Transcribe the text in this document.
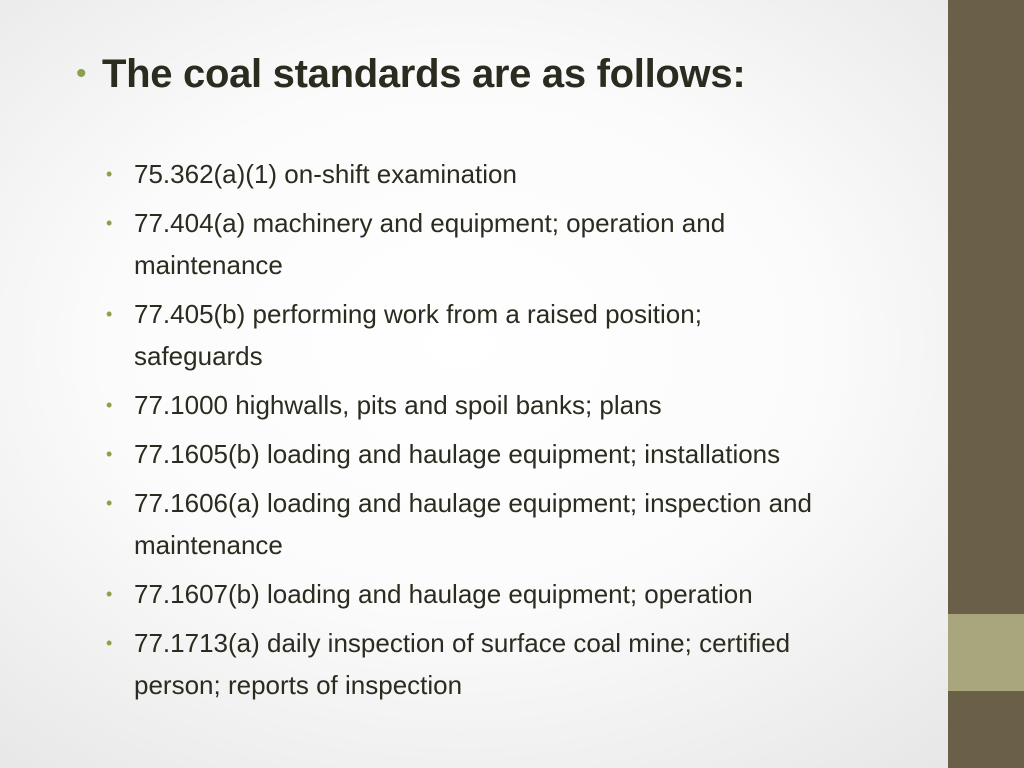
• The coal standards are as follows:
• 75.362(a)(1) on-shift examination
• 77.404(a) machinery and equipment; operation and
maintenance
• 77.405(b) performing work from a raised position;
safeguards
• 77.1000 highwalls, pits and spoil banks; plans
• 77.1605(b) loading and haulage equipment; installations
• 77.1606(a) loading and haulage equipment; inspection and
maintenance
• 77.1607(b) loading and haulage equipment; operation
• 77.1713(a) daily inspection of surface coal mine; certified
person; reports of inspection
